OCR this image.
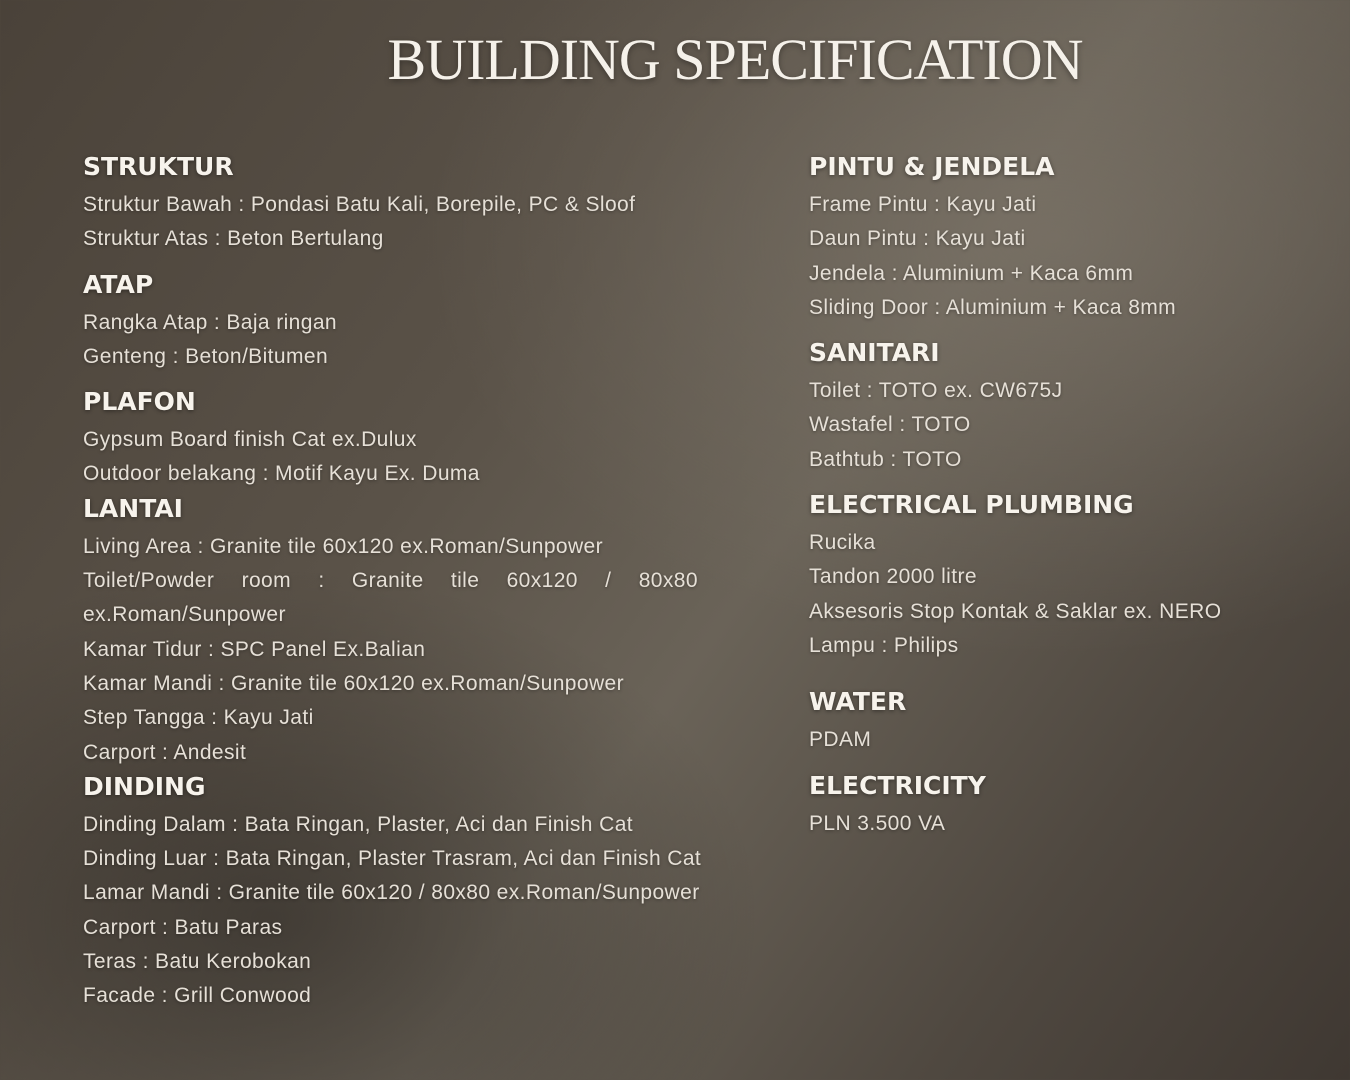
BUILDING SPECIFICATION
STRUKTUR
Struktur Bawah : Pondasi Batu Kali, Borepile, PC & Sloof
Struktur Atas : Beton Bertulang
ATAP
Rangka Atap : Baja ringan
Genteng : Beton/Bitumen
PLAFON
Gypsum Board finish Cat ex.Dulux
Outdoor belakang : Motif Kayu Ex. Duma
LANTAI
Living Area : Granite tile 60x120 ex.Roman/Sunpower
Toilet/Powder room : Granite tile 60x120 / 80x80
ex.Roman/Sunpower
Kamar Tidur : SPC Panel Ex.Balian
Kamar Mandi : Granite tile 60x120 ex.Roman/Sunpower
Step Tangga : Kayu Jati
Carport : Andesit
DINDING
Dinding Dalam : Bata Ringan, Plaster, Aci dan Finish Cat
Dinding Luar : Bata Ringan, Plaster Trasram, Aci dan Finish Cat
Lamar Mandi : Granite tile 60x120 / 80x80 ex.Roman/Sunpower
Carport : Batu Paras
Teras : Batu Kerobokan
Facade : Grill Conwood
PINTU & JENDELA
Frame Pintu : Kayu Jati
Daun Pintu : Kayu Jati
Jendela : Aluminium + Kaca 6mm
Sliding Door : Aluminium + Kaca 8mm
SANITARI
Toilet : TOTO ex. CW675J
Wastafel : TOTO
Bathtub : TOTO
ELECTRICAL PLUMBING
Rucika
Tandon 2000 litre
Aksesoris Stop Kontak & Saklar ex. NERO
Lampu : Philips
WATER
PDAM
ELECTRICITY
PLN 3.500 VA
